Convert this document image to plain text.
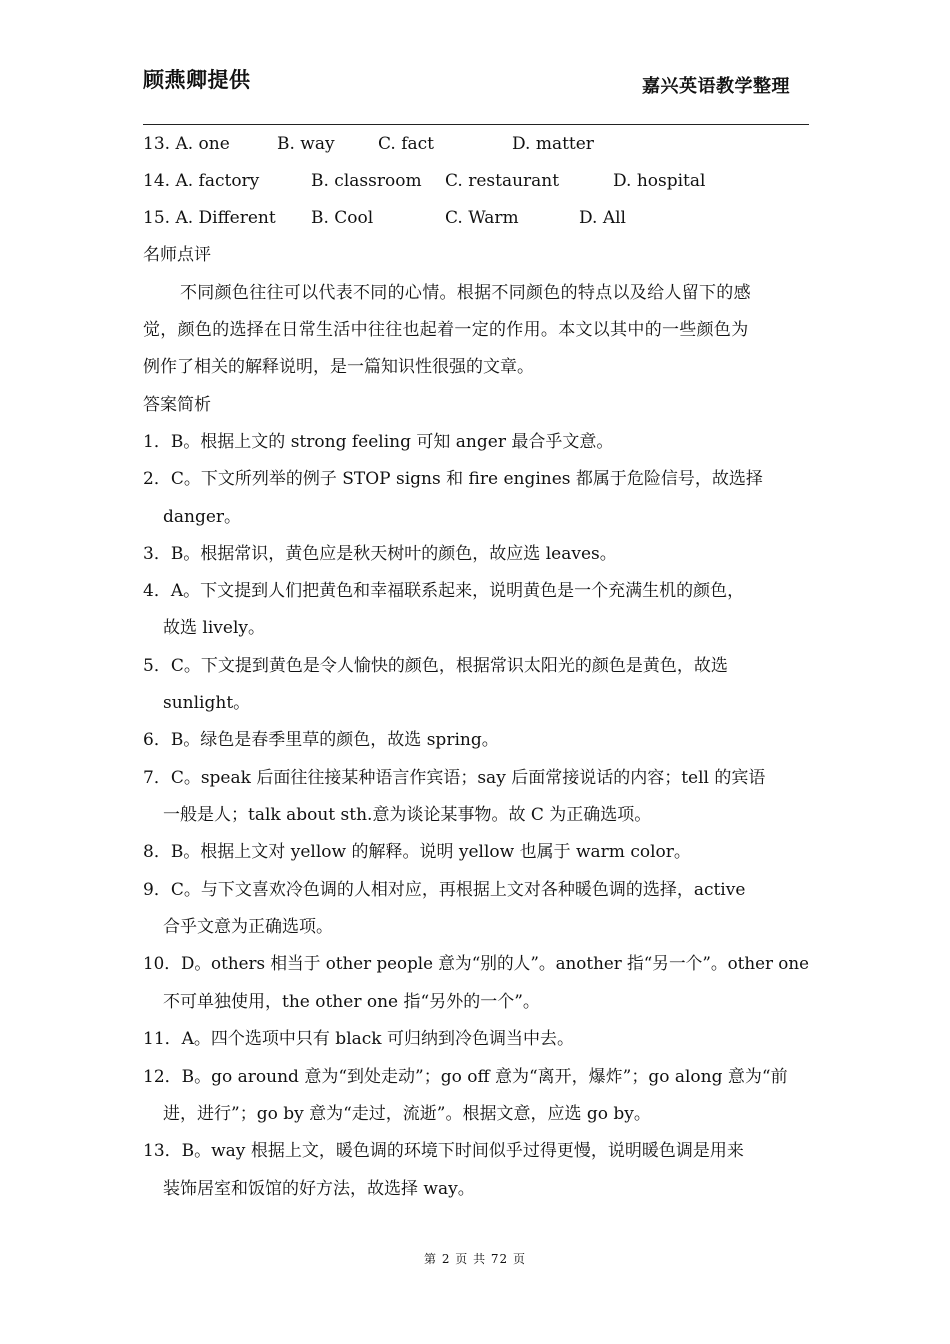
顾燕卿提供	嘉兴英语教学整理
13. A. one	B. way	C. fact	D. matter
14. A. factory	B. classroom C. restaurant	D. hospital
15. A. Different B. Cool	C. Warm	D. All
名师点评
不同颜色往往可以代表不同的心情。根据不同颜色的特点以及给人留下的感
觉，颜色的选择在日常生活中往往也起着一定的作用。本文以其中的一些颜色为
例作了相关的解释说明，是一篇知识性很强的文章。
答案简析
1．B。根据上文的 strong feeling 可知 anger 最合乎文意。
2．C。下文所列举的例子 STOP signs 和 fire engines 都属于危险信号，故选择
danger。
3．B。根据常识，黄色应是秋天树叶的颜色，故应选 leaves。
4．A。下文提到人们把黄色和幸福联系起来，说明黄色是一个充满生机的颜色，
故选 lively。
5．C。下文提到黄色是令人愉快的颜色，根据常识太阳光的颜色是黄色，故选
sunlight。
6．B。绿色是春季里草的颜色，故选 spring。
7．C。speak 后面往往接某种语言作宾语；say 后面常接说话的内容；tell 的宾语
一般是人；talk about sth.意为谈论某事物。故 C 为正确选项。
8．B。根据上文对 yellow 的解释。说明 yellow 也属于 warm color。
9．C。与下文喜欢冷色调的人相对应，再根据上文对各种暖色调的选择，active
合乎文意为正确选项。
10．D。others 相当于 other people 意为“别的人”。another 指“另一个”。other one
不可单独使用，the other one 指“另外的一个”。
11．A。四个选项中只有 black 可归纳到冷色调当中去。
12．B。go around 意为“到处走动”；go off 意为“离开，爆炸”；go along 意为“前
进，进行”；go by 意为“走过，流逝”。根据文意，应选 go by。
13．B。way 根据上文，暖色调的环境下时间似乎过得更慢，说明暖色调是用来
装饰居室和饭馆的好方法，故选择 way。
第 2 页 共 72 页
